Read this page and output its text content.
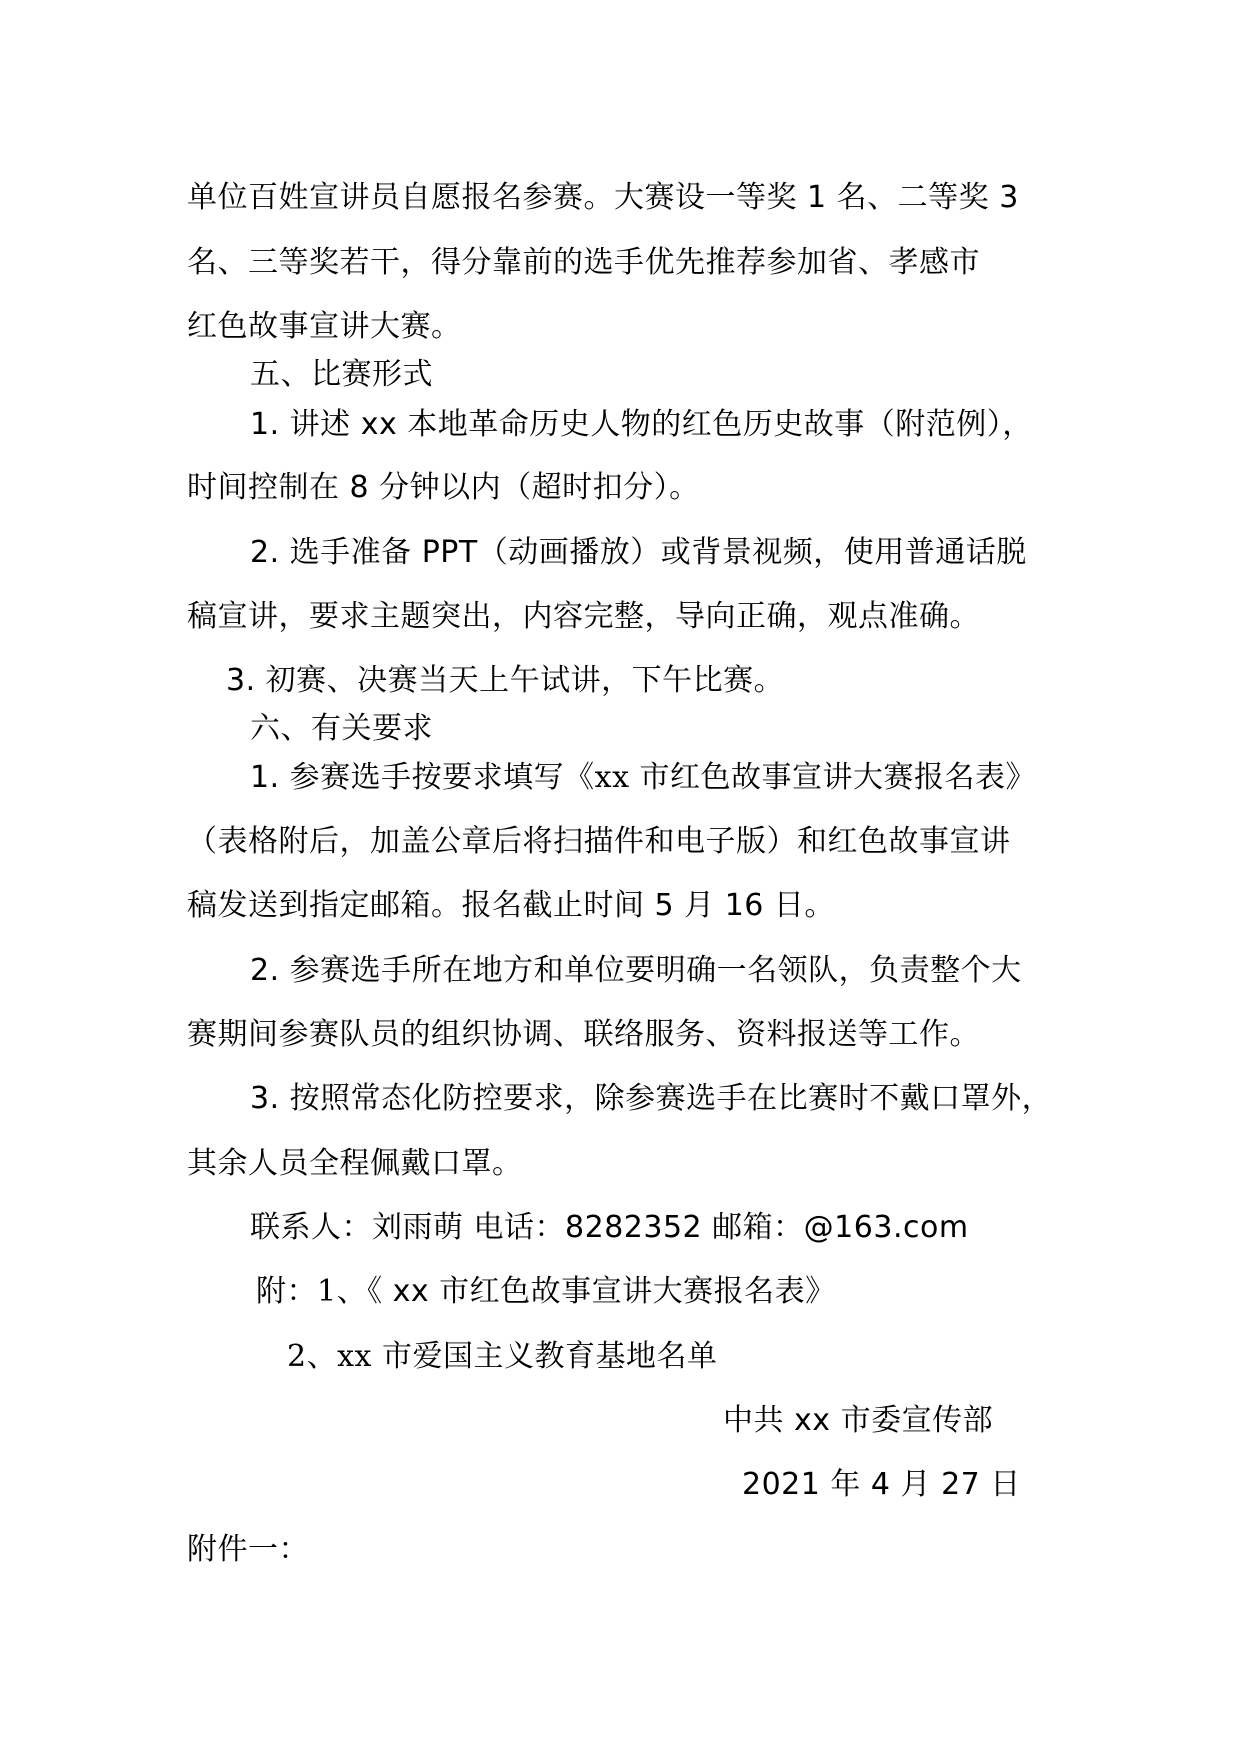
单位百姓宣讲员自愿报名参赛。大赛设一等奖 1 名、二等奖 3
名、三等奖若干，得分靠前的选手优先推荐参加省、孝感市
红色故事宣讲大赛。
五、比赛形式
1. 讲述 xx 本地革命历史人物的红色历史故事（附范例），
时间控制在 8 分钟以内（超时扣分）。
2. 选手准备 PPT（动画播放）或背景视频，使用普通话脱
稿宣讲，要求主题突出，内容完整，导向正确，观点准确。
3. 初赛、决赛当天上午试讲，下午比赛。
六、有关要求
1. 参赛选手按要求填写《xx 市红色故事宣讲大赛报名表》
（表格附后，加盖公章后将扫描件和电子版）和红色故事宣讲
稿发送到指定邮箱。报名截止时间 5 月 16 日。
2. 参赛选手所在地方和单位要明确一名领队，负责整个大
赛期间参赛队员的组织协调、联络服务、资料报送等工作。
3. 按照常态化防控要求，除参赛选手在比赛时不戴口罩外，
其余人员全程佩戴口罩。
联系人：刘雨萌 电话：8282352 邮箱：@163.com
附：1、《 xx 市红色故事宣讲大赛报名表》
2、xx 市爱国主义教育基地名单
中共 xx 市委宣传部
2021 年 4 月 27 日
附件一：
